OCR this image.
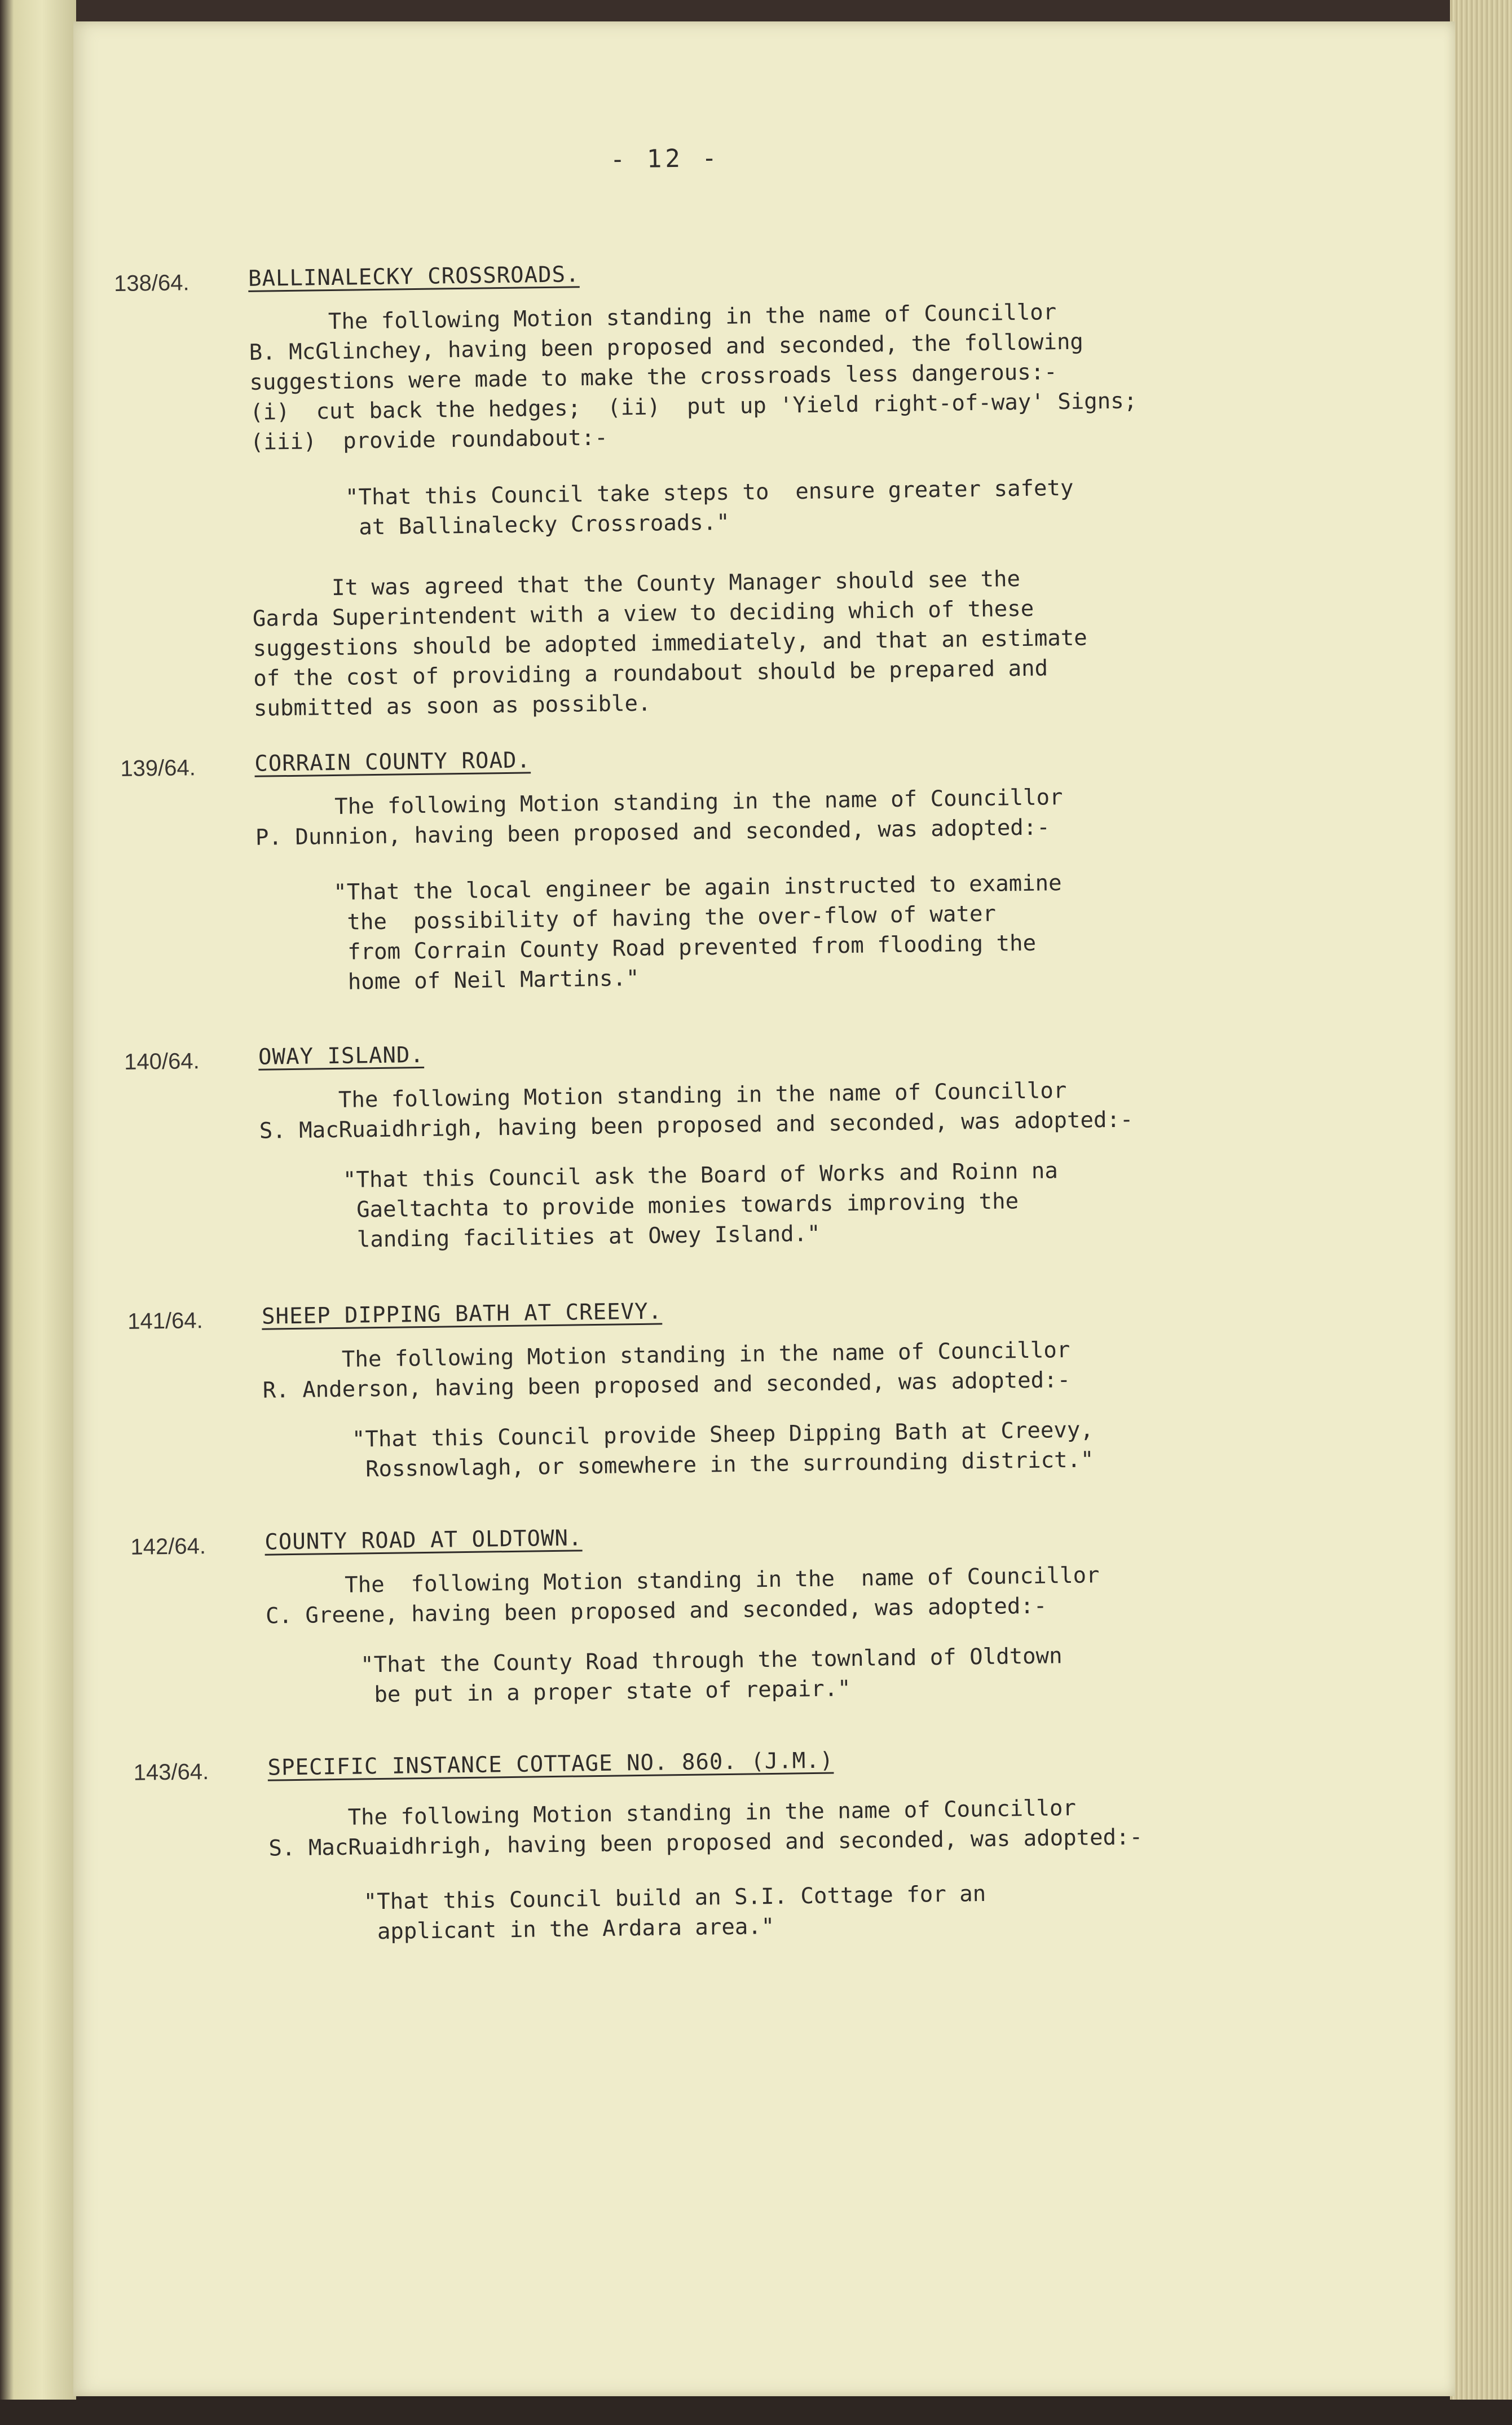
- 12 -
138/64.	BALLINALECKY CROSSROADS.
The following Motion standing in the name of Councillor
B. McGlinchey, having been proposed and seconded, the following
suggestions were made to make the crossroads less dangerous:-
(i)  cut back the hedges;  (ii)  put up 'Yield right-of-way' Signs;
(iii)  provide roundabout:-
"That this Council take steps to  ensure greater safety
at Ballinalecky Crossroads."
It was agreed that the County Manager should see the
Garda Superintendent with a view to deciding which of these
suggestions should be adopted immediately, and that an estimate
of the cost of providing a roundabout should be prepared and
submitted as soon as possible.
139/64.	CORRAIN COUNTY ROAD.
The following Motion standing in the name of Councillor
P. Dunnion, having been proposed and seconded, was adopted:-
"That the local engineer be again instructed to examine
the  possibility of having the over-flow of water
from Corrain County Road prevented from flooding the
home of Neil Martins."
140/64.	OWAY ISLAND.
The following Motion standing in the name of Councillor
S. MacRuaidhrigh, having been proposed and seconded, was adopted:-
"That this Council ask the Board of Works and Roinn na
Gaeltachta to provide monies towards improving the
landing facilities at Owey Island."
141/64.	SHEEP DIPPING BATH AT CREEVY.
The following Motion standing in the name of Councillor
R. Anderson, having been proposed and seconded, was adopted:-
"That this Council provide Sheep Dipping Bath at Creevy,
Rossnowlagh, or somewhere in the surrounding district."
142/64.	COUNTY ROAD AT OLDTOWN.
The  following Motion standing in the  name of Councillor
C. Greene, having been proposed and seconded, was adopted:-
"That the County Road through the townland of Oldtown
be put in a proper state of repair."
143/64.	SPECIFIC INSTANCE COTTAGE NO. 860. (J.M.)
The following Motion standing in the name of Councillor
S. MacRuaidhrigh, having been proposed and seconded, was adopted:-
"That this Council build an S.I. Cottage for an
applicant in the Ardara area."
